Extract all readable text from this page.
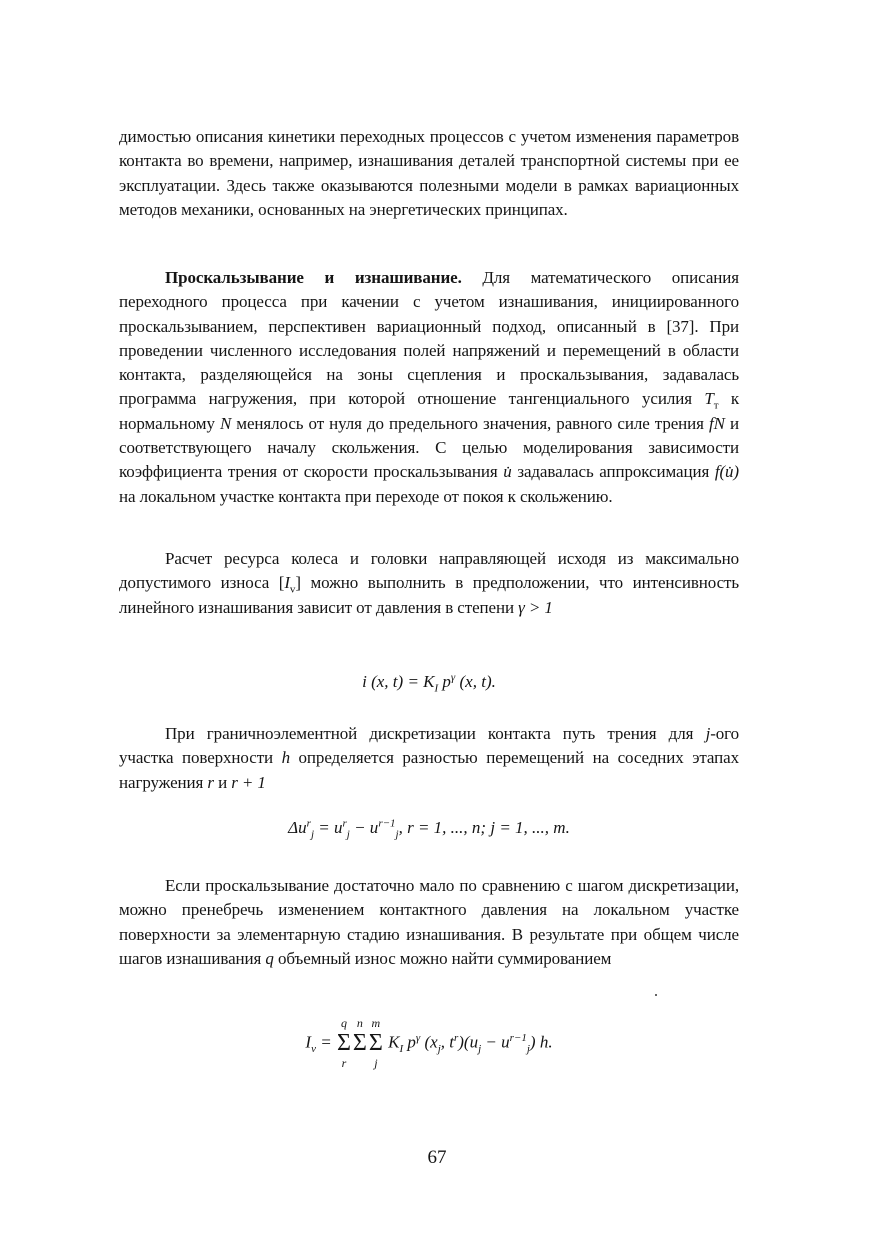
димостью описания кинетики переходных процессов с учетом изменения параметров контакта во времени, например, изнашивания деталей транспортной системы при ее эксплуатации. Здесь также оказываются полезными модели в рамках вариационных методов механики, основанных на энергетических принципах.

Проскальзывание и изнашивание. Для математического описания переходного процесса при качении с учетом изнашивания, инициированного проскальзыванием, перспективен вариационный подход, описанный в [37]. При проведении численного исследования полей напряжений и перемещений в области контакта, разделяющейся на зоны сцепления и проскальзывания, задавалась программа нагружения, при которой отношение тангенциального усилия $T_т$ к нормальному N менялось от нуля до предельного значения, равного силе трения fN и соответствующего началу скольжения. С целью моделирования зависимости коэффициента трения от скорости проскальзывания u̇ задавалась аппроксимация f(u̇) на локальном участке контакта при переходе от покоя к скольжению.

Расчет ресурса колеса и головки направляющей исходя из максимально допустимого износа $[I_v]$ можно выполнить в предположении, что интенсивность линейного изнашивания зависит от давления в степени γ > 1

i (x, $t) = K_I$ $p^\gamma$ (x, t).

При граничноэлементной дискретизации контакта путь трения для j-ого участка поверхности h определяется разностью перемещений на соседних этапах нагружения r и r + 1

$\Delta u^r_j = u^r_j - u^{r-1}_j$, r = 1, ..., n; j = 1, ..., m.

Если проскальзывание достаточно мало по сравнению с шагом дискретизации, можно пренебречь изменением контактного давления на локальном участке поверхности за элементарную стадию изнашивания. В результате при общем числе шагов изнашивания q объемный износ можно найти суммированием

$I_v$ =
q
Σ
r
n
Σ
m
Σ
j
$K_I$ $p^\gamma$ ($x_j$, $t^r)(u_j - u^{r-1}_j)$ h.
67
